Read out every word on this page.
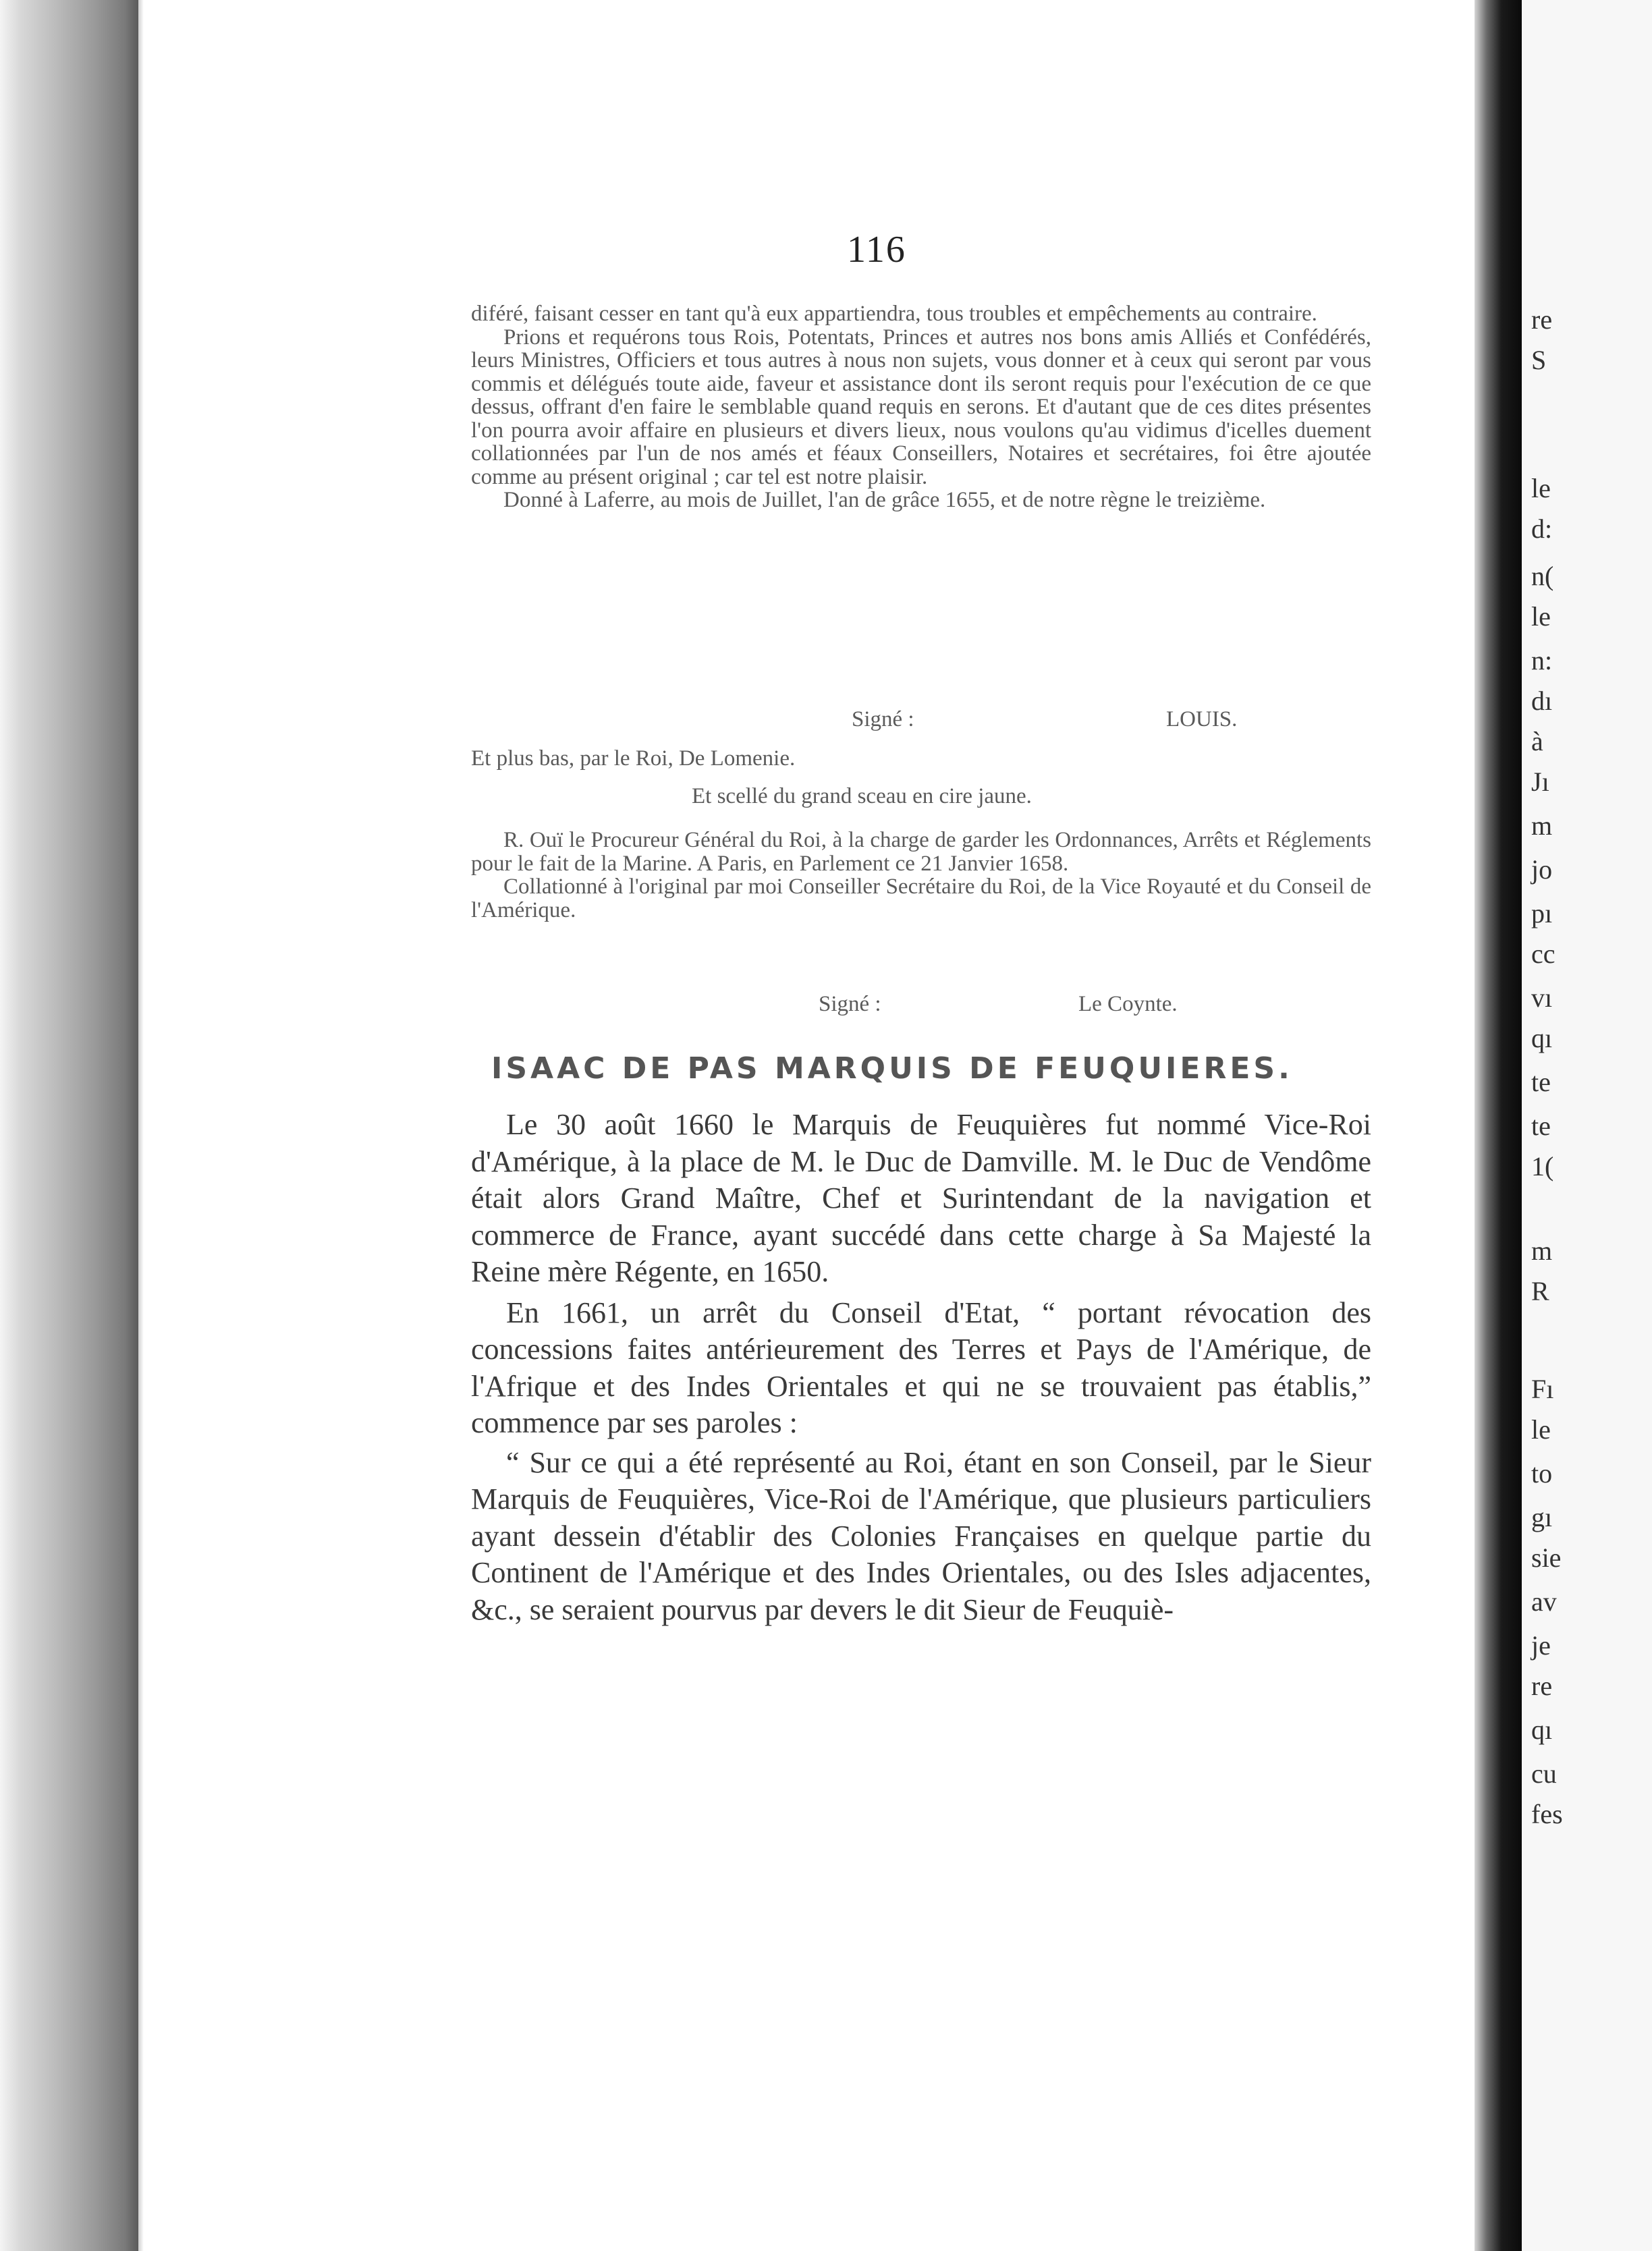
re
S
le
d:
n(
le
n:
dı
à
Jı
m
jo
pı
cc
vı
qı
te
te
1(
m
R
Fı
le
to
gı
sie
av
je
re
qı
cu
fes
116

diféré, faisant cesser en tant qu'à eux appartiendra, tous troubles et empêchements au contraire.

Prions et requérons tous Rois, Potentats, Princes et autres nos bons amis Alliés et Confédérés, leurs Ministres, Officiers et tous autres à nous non sujets, vous donner et à ceux qui seront par vous commis et délégués toute aide, faveur et assistance dont ils seront requis pour l'exécution de ce que dessus, offrant d'en faire le semblable quand requis en serons. Et d'autant que de ces dites présentes l'on pourra avoir affaire en plusieurs et divers lieux, nous voulons qu'au vidimus d'icelles duement collationnées par l'un de nos amés et féaux Conseillers, Notaires et secrétaires, foi être ajoutée comme au présent original ; car tel est notre plaisir.

Donné à Laferre, au mois de Juillet, l'an de grâce 1655, et de notre règne le treizième.

Signé :	LOUIS.
Et plus bas, par le Roi, De Lomenie.
Et scellé du grand sceau en cire jaune.

R. Ouï le Procureur Général du Roi, à la charge de garder les Ordonnances, Arrêts et Réglements pour le fait de la Marine. A Paris, en Parlement ce 21 Janvier 1658.

Collationné à l'original par moi Conseiller Secrétaire du Roi, de la Vice Royauté et du Conseil de l'Amérique.

Signé :	Le Coynte.
ISAAC DE PAS MARQUIS DE FEUQUIERES.

Le 30 août 1660 le Marquis de Feuquières fut nommé Vice-Roi d'Amérique, à la place de M. le Duc de Damville. M. le Duc de Vendôme était alors Grand Maître, Chef et Surintendant de la navigation et commerce de France, ayant succédé dans cette charge à Sa Majesté la Reine mère Régente, en 1650.

En 1661, un arrêt du Conseil d'Etat, “ portant révocation des concessions faites antérieurement des Terres et Pays de l'Amérique, de l'Afrique et des Indes Orientales et qui ne se trouvaient pas établis,” commence par ses paroles :

“ Sur ce qui a été représenté au Roi, étant en son Conseil, par le Sieur Marquis de Feuquières, Vice-Roi de l'Amérique, que plusieurs particuliers ayant dessein d'établir des Colonies Françaises en quelque partie du Continent de l'Amérique et des Indes Orientales, ou des Isles adjacentes, &c., se seraient pourvus par devers le dit Sieur de Feuquiè-
